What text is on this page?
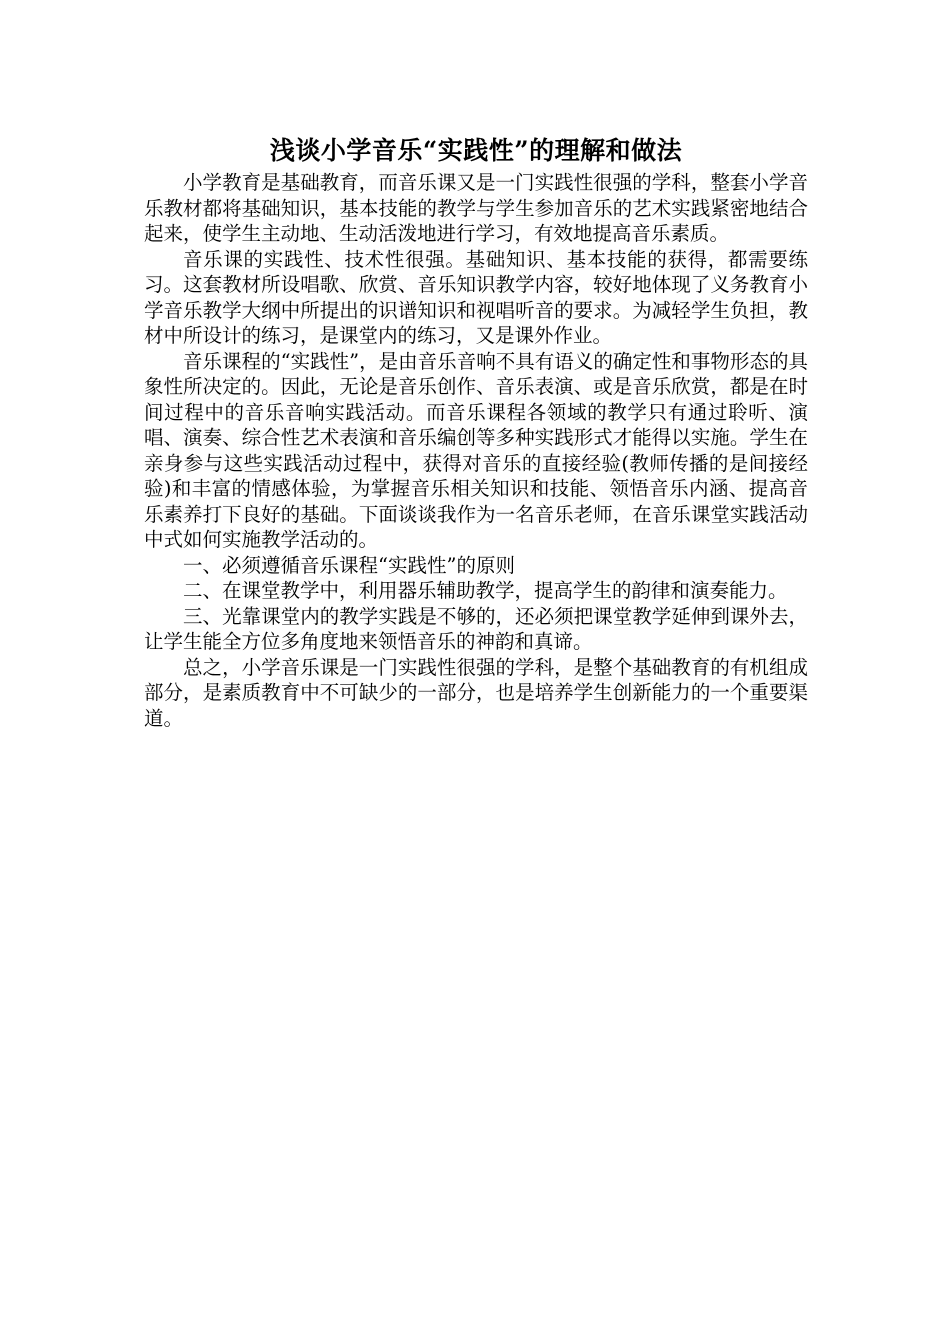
浅谈小学音乐“实践性”的理解和做法

小学教育是基础教育，而音乐课又是一门实践性很强的学科，整套小学音乐教材都将基础知识，基本技能的教学与学生参加音乐的艺术实践紧密地结合起来，使学生主动地、生动活泼地进行学习，有效地提高音乐素质。

音乐课的实践性、技术性很强。基础知识、基本技能的获得，都需要练习。这套教材所设唱歌、欣赏、音乐知识教学内容，较好地体现了义务教育小学音乐教学大纲中所提出的识谱知识和视唱听音的要求。为减轻学生负担，教材中所设计的练习，是课堂内的练习，又是课外作业。

音乐课程的“实践性”，是由音乐音响不具有语义的确定性和事物形态的具象性所决定的。因此，无论是音乐创作、音乐表演、或是音乐欣赏，都是在时间过程中的音乐音响实践活动。而音乐课程各领域的教学只有通过聆听、演唱、演奏、综合性艺术表演和音乐编创等多种实践形式才能得以实施。学生在亲身参与这些实践活动过程中，获得对音乐的直接经验(教师传播的是间接经验)和丰富的情感体验，为掌握音乐相关知识和技能、领悟音乐内涵、提高音乐素养打下良好的基础。下面谈谈我作为一名音乐老师，在音乐课堂实践活动中式如何实施教学活动的。

一、必须遵循音乐课程“实践性”的原则

二、在课堂教学中，利用器乐辅助教学，提高学生的韵律和演奏能力。

三、光靠课堂内的教学实践是不够的，还必须把课堂教学延伸到课外去，让学生能全方位多角度地来领悟音乐的神韵和真谛。

总之，小学音乐课是一门实践性很强的学科，是整个基础教育的有机组成部分，是素质教育中不可缺少的一部分，也是培养学生创新能力的一个重要渠道。
